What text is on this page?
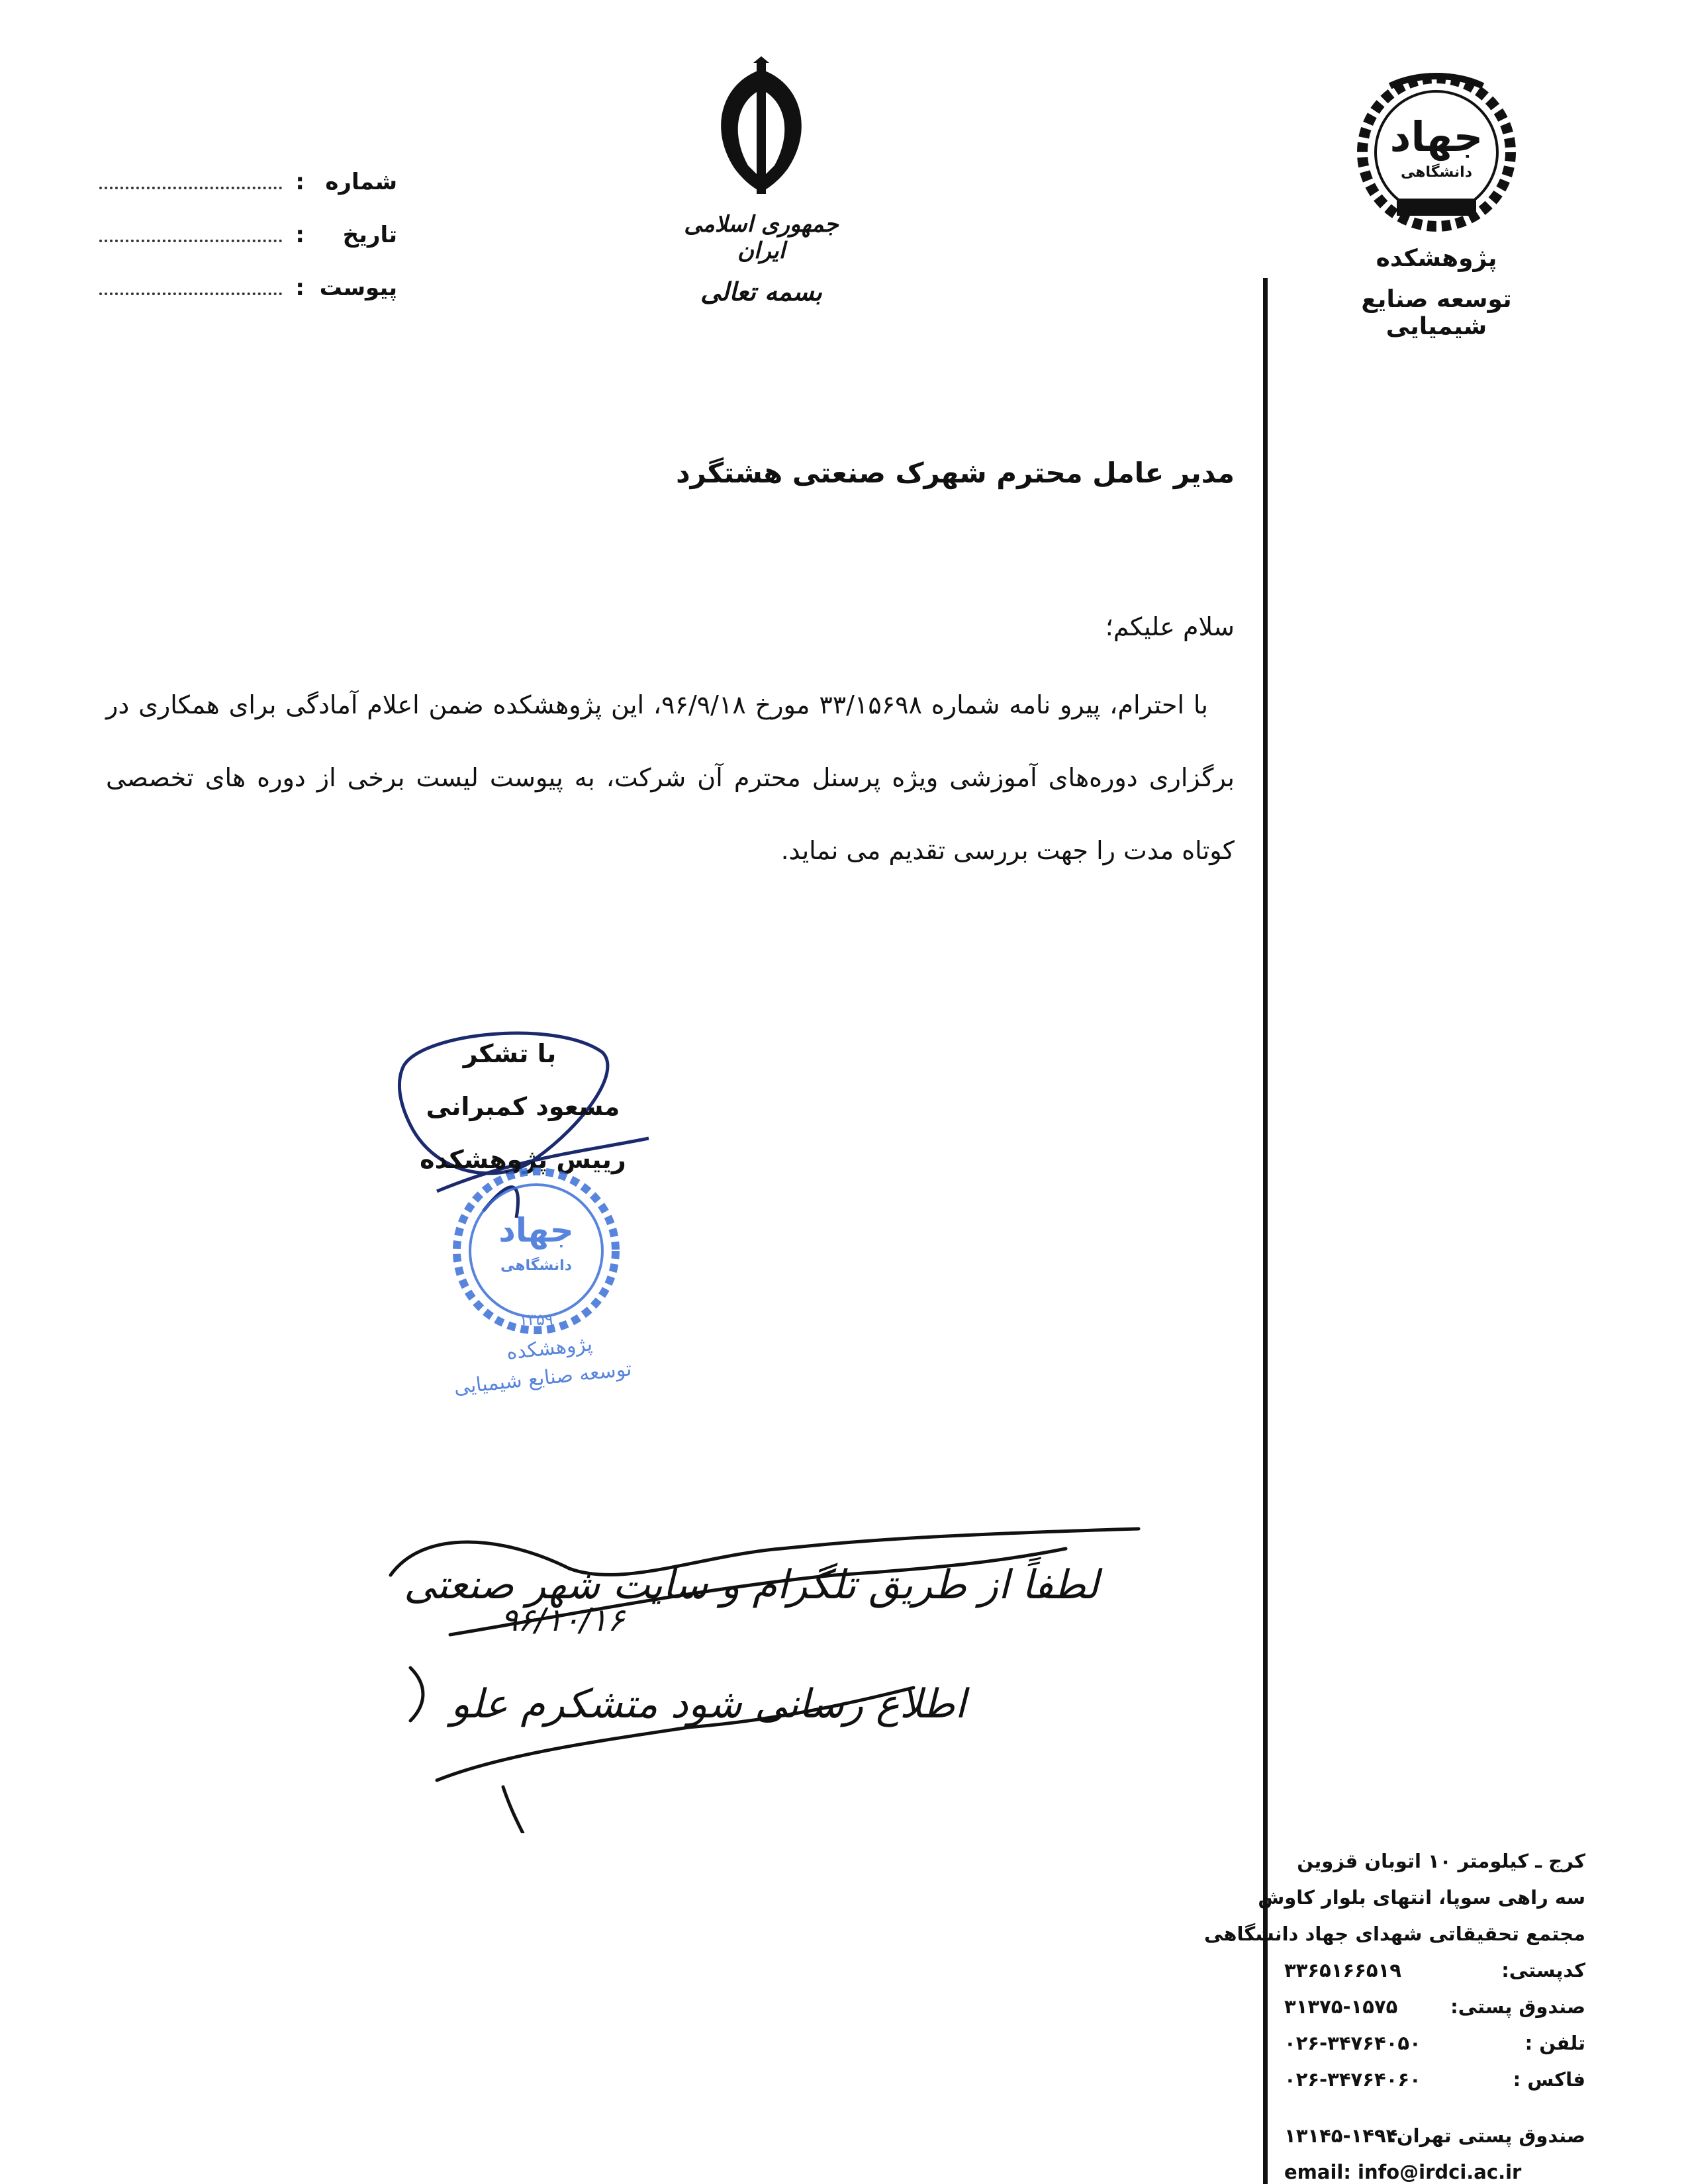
شماره
:
تاریخ
:
پیوست
:
جمهوری اسلامی ایران
بسمه تعالی
جهاد
دانشگاهی
پژوهشکده
توسعه صنایع شیمیایی
مدیر عامل محترم شهرک صنعتی هشتگرد
سلام علیکم؛
با احترام، پیرو نامه شماره ۳۳/۱۵۶۹۸ مورخ ۹۶/۹/۱۸، این پژوهشکده ضمن اعلام آمادگی برای همکاری در برگزاری دوره‌های آموزشی ویژه پرسنل محترم آن شرکت، به پیوست لیست برخی از دوره های تخصصی کوتاه مدت را جهت بررسی تقدیم می نماید.
با تشکر
مسعود کمبرانی
رییس پژوهشکده
جهاد
دانشگاهی
۱۳۵۹
پژوهشکده
توسعه صنایع شیمیایی
لطفاً از طریق تلگرام و سایت شهر صنعتی
۹۶/۱۰/۱۶
اطلاع رسانی شود متشکرم علو
کرج ـ کیلومتر ۱۰ اتوبان قزوین
سه راهی سوپا، انتهای بلوار کاوش
مجتمع تحقیقاتی شهدای جهاد دانشگاهی
کدپستی:
۳۳۶۵۱۶۶۵۱۹
صندوق پستی:
۳۱۳۷۵-۱۵۷۵
تلفن :
۰۲۶-۳۴۷۶۴۰۵۰
فاکس :
۰۲۶-۳۴۷۶۴۰۶۰
صندوق پستی تهران:
۱۳۱۴۵-۱۴۹۴
email: info@irdci.ac.ir
